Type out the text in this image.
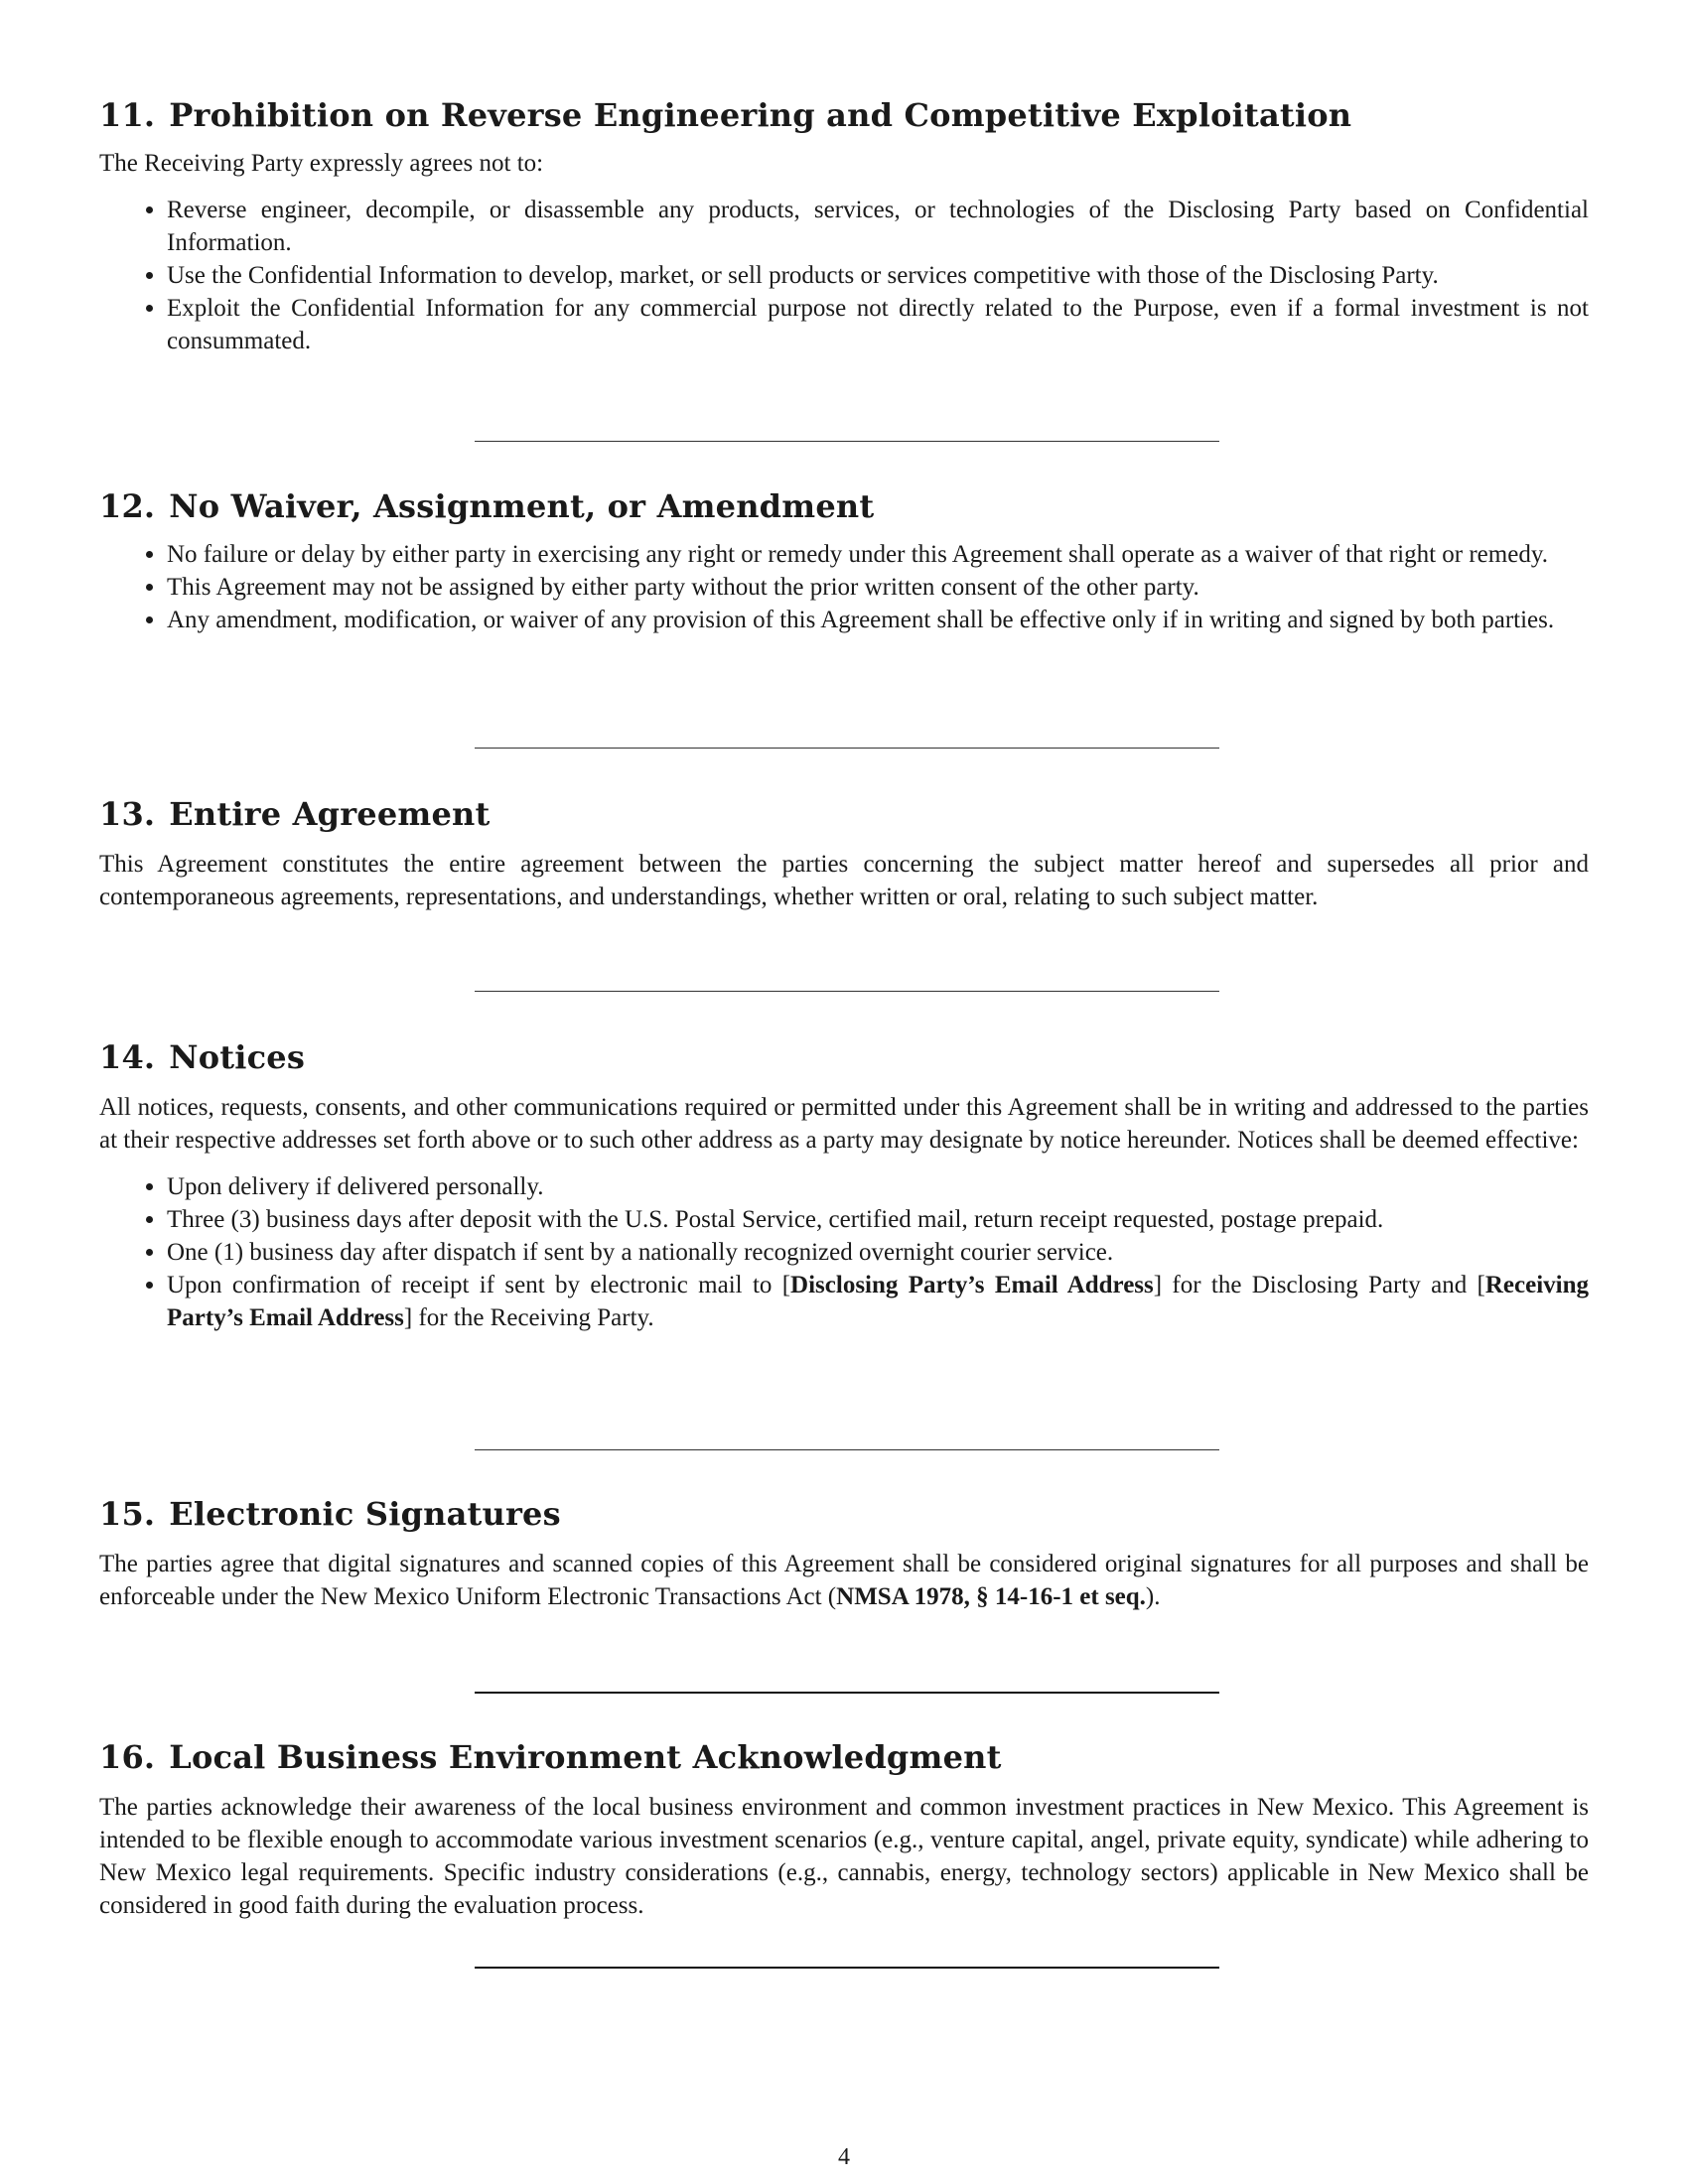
11. Prohibition on Reverse Engineering and Competitive Exploitation

The Receiving Party expressly agrees not to:

• Reverse engineer, decompile, or disassemble any products, services, or technologies of the Disclosing Party based on Confidential Information.
• Use the Confidential Information to develop, market, or sell products or services competitive with those of the Disclosing Party.
• Exploit the Confidential Information for any commercial purpose not directly related to the Purpose, even if a formal investment is not consummated.
12. No Waiver, Assignment, or Amendment
• No failure or delay by either party in exercising any right or remedy under this Agreement shall operate as a waiver of that right or remedy.
• This Agreement may not be assigned by either party without the prior written consent of the other party.
• Any amendment, modification, or waiver of any provision of this Agreement shall be effective only if in writing and signed by both parties.
13. Entire Agreement

This Agreement constitutes the entire agreement between the parties concerning the subject matter hereof and supersedes all prior and contemporaneous agreements, representations, and understandings, whether written or oral, relating to such subject matter.

14. Notices

All notices, requests, consents, and other communications required or permitted under this Agreement shall be in writing and addressed to the parties at their respective addresses set forth above or to such other address as a party may designate by notice hereunder. Notices shall be deemed effective:

• Upon delivery if delivered personally.
• Three (3) business days after deposit with the U.S. Postal Service, certified mail, return receipt requested, postage prepaid.
• One (1) business day after dispatch if sent by a nationally recognized overnight courier service.
• Upon confirmation of receipt if sent by electronic mail to [Disclosing Party’s Email Address] for the Disclosing Party and [Receiving Party’s Email Address] for the Receiving Party.
15. Electronic Signatures

The parties agree that digital signatures and scanned copies of this Agreement shall be considered original signatures for all purposes and shall be enforceable under the New Mexico Uniform Electronic Transactions Act (NMSA 1978, § 14-16-1 et seq.).

16. Local Business Environment Acknowledgment

The parties acknowledge their awareness of the local business environment and common investment practices in New Mexico. This Agreement is intended to be flexible enough to accommodate various investment scenarios (e.g., venture capital, angel, private equity, syndicate) while adhering to New Mexico legal requirements. Specific industry considerations (e.g., cannabis, energy, technology sectors) applicable in New Mexico shall be considered in good faith during the evaluation process.

4
